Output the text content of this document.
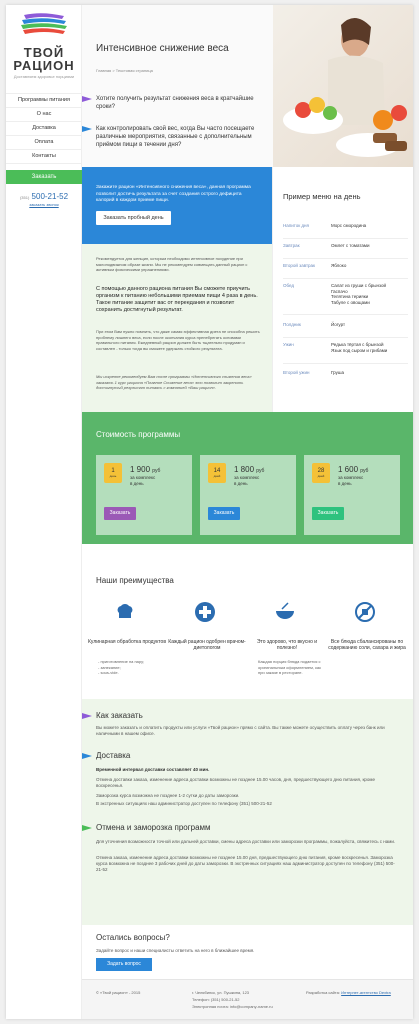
ТВОЙ
РАЦИОН
Доставляем здоровье порциями
Программы питания
О нас
Доставка
Оплата
Контакты
Заказать
(351) 500-21-52
заказать звонок
Интенсивное снижение веса
Главная > Текстовая страница
Хотите получить результат снижения веса в кратчайшие сроки?
Как контролировать свой вес, когда Вы часто посещаете различные мероприятия, связанные с дополнительным приёмом пищи в течении дня?

Закажите рацион «Интенсивного снижения веса», данная программа позволит достичь результата за счет создания острого дефицита калорий в каждом приеме пищи.

Заказать пробный день
Рекомендуется для женщин, которым необходимо интенсивное похудение при малоподвижном образе жизни. Мы не рекомендуем совмещать данный рацион с активным физическими упражнениями.
С помощью данного рациона питания Вы сможете приучить организм к питанию небольшими приемам пищи 4 раза в день. Такое питание защитит вас от переедания и позволит сохранить достигнутый результат.
При этом Вам нужно помнить, что даже самая эффективная диета не способна решить проблему лишнего веса, если после окончания курса пренебрегать основами правильного питания. Ежедневный рацион должен быть тщательно продуман и составлен - только тогда вы сможете удержать стойкого результата.
Мы искренне рекомендуем Вам после программы «Интенсивного снижения веса» заказать 1 курс рациона «Плавное Снижение веса» это позволит закрепить достигнутый результат питаясь с компанией «Ваш рацион».
Пример меню на день
Напиток дня	Морс смородина
Завтрак	Омлет с томатами
Второй завтрак	Яблоко
Обед	Салат из груши с брынзой
Гаспачо
Телятина терияки
Табуле с овощами
Полдник	Йогурт
Ужин	Редька тёртая с брынзой
Язык под сыром и грибами
Второй ужин	Груша
Стоимость программы
1
день
1 900 руб
за комплекс
в день
Заказать
14
дней
1 800 руб
за комплекс
в день
Заказать
28
дней
1 600 руб
за комплекс
в день
Заказать
Наши преимущества
Кулинарная обработка продуктов
- приготовление на пару;
- запекание;
- sous-vide.
Каждый рацион одобрен врачом-диетологом
Это здорово, что вкусно и полезно!
Каждая порция блюда подается с оригинальным оформлением, как при заказе в ресторане.
Все блюда сбалансированы по содержанию соли, сахара и жира
Как заказать
Вы можете заказать и оплатить продукты или услуги «Твой рацион» прямо с сайта. Вы также можете осуществить оплату через банк или наличными в нашем офисе.
Доставка
Временной интервал доставки составляет 40 мин.
Отмена доставки заказа, изменение адреса доставки возможны не позднее 15.00 часов, дня, предшествующего дню питания, кроме воскресенья.
Заморозка курса возможна не позднее 1-2 сутки до даты заморозки.
В экстренных ситуациях наш администратор доступен по телефону (351) 500-21-52
Отмена и заморозка программ
Для уточнения возможности точной или дальней доставки, смены адреса доставки или заморозки программы, пожалуйста, свяжитесь с нами.
Отмена заказа, изменение адреса доставки возможны не позднее 15.00 дня, предшествующего дню питания, кроме воскресенья. Заморозка курса возможна не позднее 3 рабочих дней до даты заморозки. В экстренных ситуациях наш администратор доступен по телефону (351) 500-21-52
Остались вопросы?

Задайте вопрос и наши специалисты ответить на него в ближайшее время.

Задать вопрос
© «Твой рацион» - 2015	г. Челябинск, ул. Пушкина, 123
Телефон: (351) 500-21-52
Электронная почта: info@company-name.ru
Разработка сайта: Интернет-агентство Dextra
